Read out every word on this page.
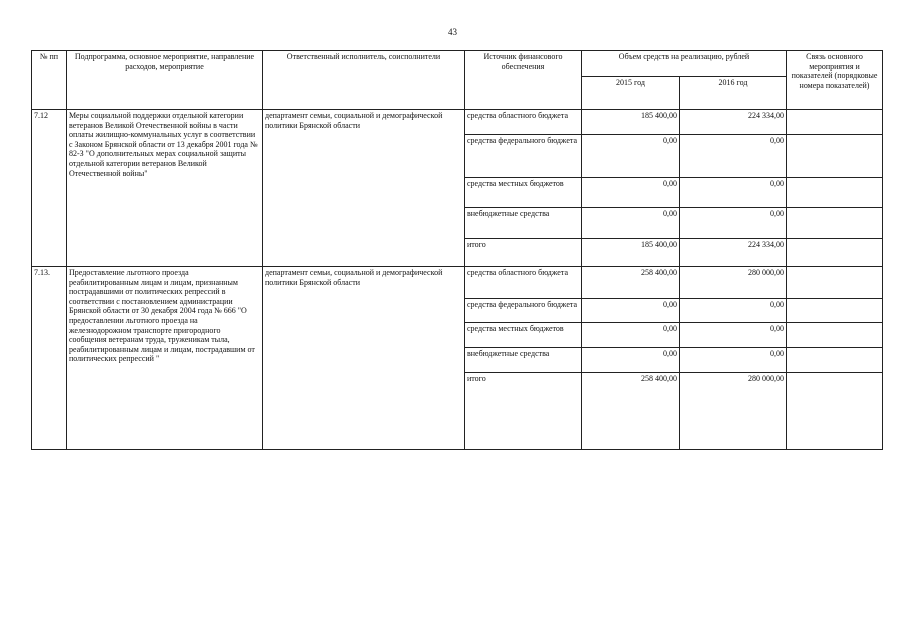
43
№ пп	Подпрограмма, основное мероприятие, направление расходов, мероприятие	Ответственный исполнитель, соисполнители	Источник финансового обеспечения	Объем средств на реализацию, рублей		Связь основного мероприятия и показателей (порядковые номера показателей)
				2015 год	2016 год	
7.12	Меры социальной поддержки отдельной категории ветеранов Великой Отечественной войны в части оплаты жилищно-коммунальных услуг в соответствии с Законом Брянской области от 13 декабря 2001 года № 82-З "О дополнительных мерах социальной защиты отдельной категории ветеранов Великой Отечественной войны"	департамент семьи, социальной и демографической политики Брянской области	средства областного бюджета	185 400,00	224 334,00	
			средства федерального бюджета	0,00	0,00	
			средства местных бюджетов	0,00	0,00	
			внебюджетные средства	0,00	0,00	
			итого	185 400,00	224 334,00	
7.13.	Предоставление льготного проезда реабилитированным лицам и лицам, признанным пострадавшими от политических репрессий в соответствии с постановлением администрации Брянской области от 30 декабря 2004 года № 666 "О предоставлении льготного проезда на железнодорожном транспорте пригородного сообщения ветеранам труда, труженикам тыла, реабилитированным лицам и лицам, пострадавшим от политических репрессий "	департамент семьи, социальной и демографической политики Брянской области	средства областного бюджета	258 400,00	280 000,00	
			средства федерального бюджета	0,00	0,00	
			средства местных бюджетов	0,00	0,00	
			внебюджетные средства	0,00	0,00	
			итого	258 400,00	280 000,00	
